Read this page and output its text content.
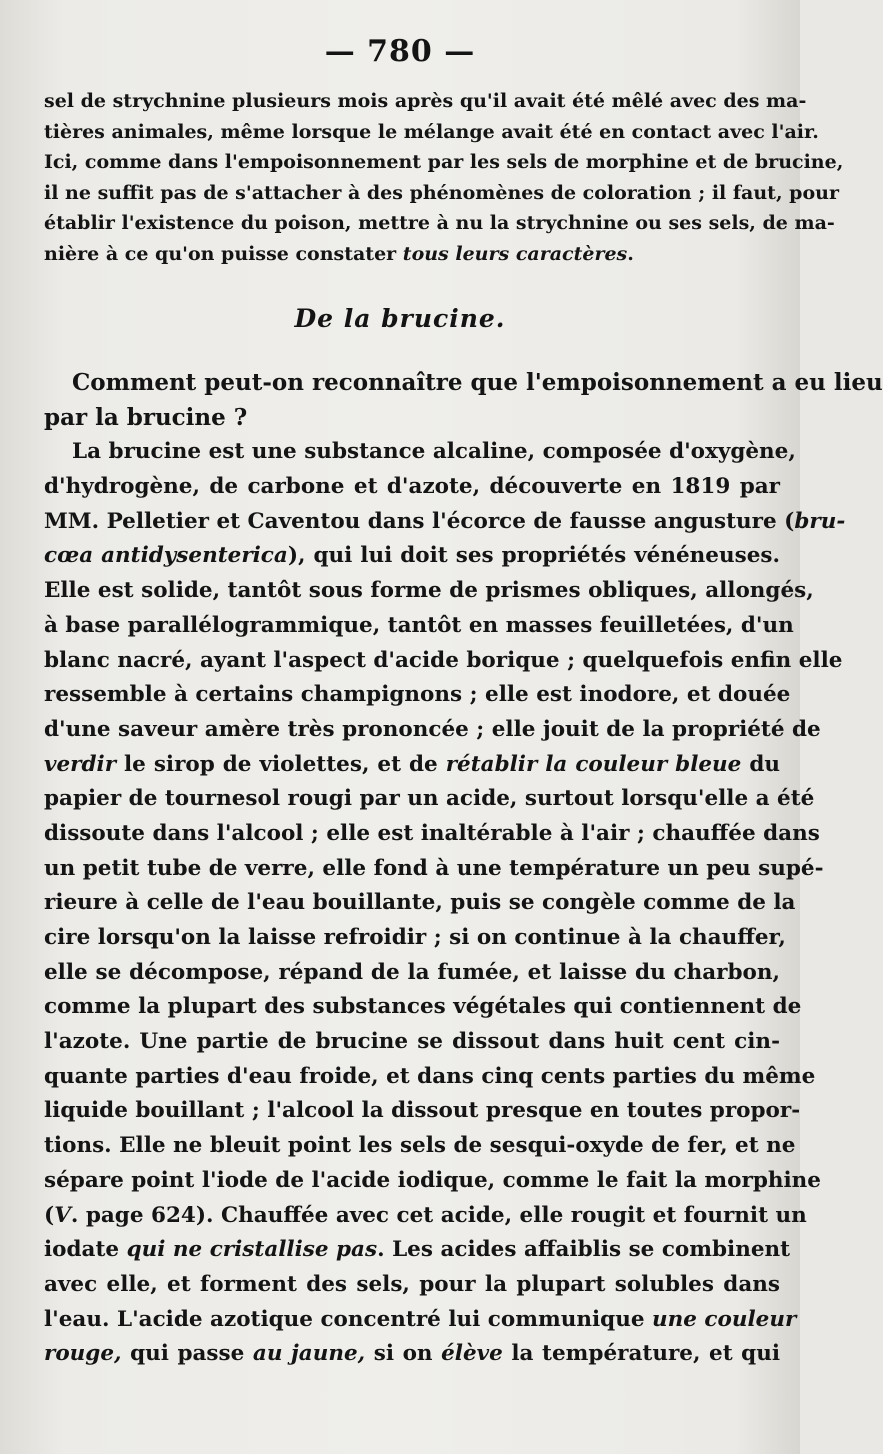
— 780 —
sel de strychnine plusieurs mois après qu'il avait été mêlé avec des ma-
tières animales, même lorsque le mélange avait été en contact avec l'air.
Ici, comme dans l'empoisonnement par les sels de morphine et de brucine,
il ne suffit pas de s'attacher à des phénomènes de coloration ; il faut, pour
établir l'existence du poison, mettre à nu la strychnine ou ses sels, de ma-
nière à ce qu'on puisse constater tous leurs caractères.
De la brucine.
Comment peut-on reconnaître que l'empoisonnement a eu lieu
par la brucine ?
La brucine est une substance alcaline, composée d'oxygène,
d'hydrogène, de carbone et d'azote, découverte en 1819 par
MM. Pelletier et Caventou dans l'écorce de fausse angusture (bru-
cœa antidysenterica), qui lui doit ses propriétés vénéneuses.
Elle est solide, tantôt sous forme de prismes obliques, allongés,
à base parallélogrammique, tantôt en masses feuilletées, d'un
blanc nacré, ayant l'aspect d'acide borique ; quelquefois enfin elle
ressemble à certains champignons ; elle est inodore, et douée
d'une saveur amère très prononcée ; elle jouit de la propriété de
verdir le sirop de violettes, et de rétablir la couleur bleue du
papier de tournesol rougi par un acide, surtout lorsqu'elle a été
dissoute dans l'alcool ; elle est inaltérable à l'air ; chauffée dans
un petit tube de verre, elle fond à une température un peu supé-
rieure à celle de l'eau bouillante, puis se congèle comme de la
cire lorsqu'on la laisse refroidir ; si on continue à la chauffer,
elle se décompose, répand de la fumée, et laisse du charbon,
comme la plupart des substances végétales qui contiennent de
l'azote. Une partie de brucine se dissout dans huit cent cin-
quante parties d'eau froide, et dans cinq cents parties du même
liquide bouillant ; l'alcool la dissout presque en toutes propor-
tions. Elle ne bleuit point les sels de sesqui-oxyde de fer, et ne
sépare point l'iode de l'acide iodique, comme le fait la morphine
(V. page 624). Chauffée avec cet acide, elle rougit et fournit un
iodate qui ne cristallise pas. Les acides affaiblis se combinent
avec elle, et forment des sels, pour la plupart solubles dans
l'eau. L'acide azotique concentré lui communique une couleur
rouge, qui passe au jaune, si on élève la température, et qui
